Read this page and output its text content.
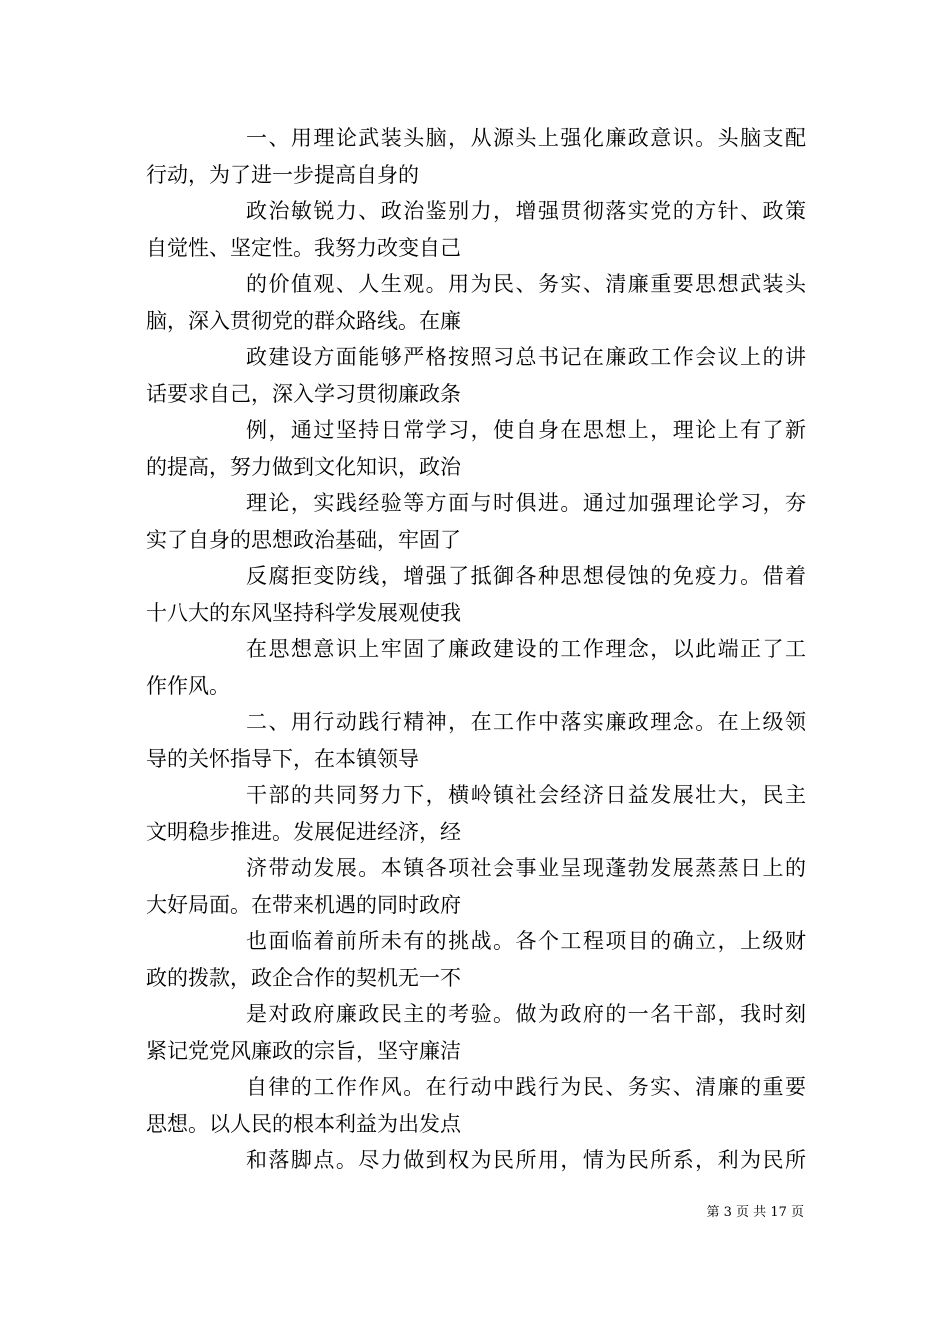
一、用理论武装头脑，从源头上强化廉政意识。头脑支配
行动，为了进一步提高自身的
政治敏锐力、政治鉴别力，增强贯彻落实党的方针、政策
自觉性、坚定性。我努力改变自己
的价值观、人生观。用为民、务实、清廉重要思想武装头
脑，深入贯彻党的群众路线。在廉
政建设方面能够严格按照习总书记在廉政工作会议上的讲
话要求自己，深入学习贯彻廉政条
例，通过坚持日常学习，使自身在思想上，理论上有了新
的提高，努力做到文化知识，政治
理论，实践经验等方面与时俱进。通过加强理论学习，夯
实了自身的思想政治基础，牢固了
反腐拒变防线，增强了抵御各种思想侵蚀的免疫力。借着
十八大的东风坚持科学发展观使我
在思想意识上牢固了廉政建设的工作理念，以此端正了工
作作风。
二、用行动践行精神，在工作中落实廉政理念。在上级领
导的关怀指导下，在本镇领导
干部的共同努力下，横岭镇社会经济日益发展壮大，民主
文明稳步推进。发展促进经济，经
济带动发展。本镇各项社会事业呈现蓬勃发展蒸蒸日上的
大好局面。在带来机遇的同时政府
也面临着前所未有的挑战。各个工程项目的确立，上级财
政的拨款，政企合作的契机无一不
是对政府廉政民主的考验。做为政府的一名干部，我时刻
紧记党党风廉政的宗旨，坚守廉洁
自律的工作作风。在行动中践行为民、务实、清廉的重要
思想。以人民的根本利益为出发点
和落脚点。尽力做到权为民所用，情为民所系，利为民所
第 3 页 共 17 页
